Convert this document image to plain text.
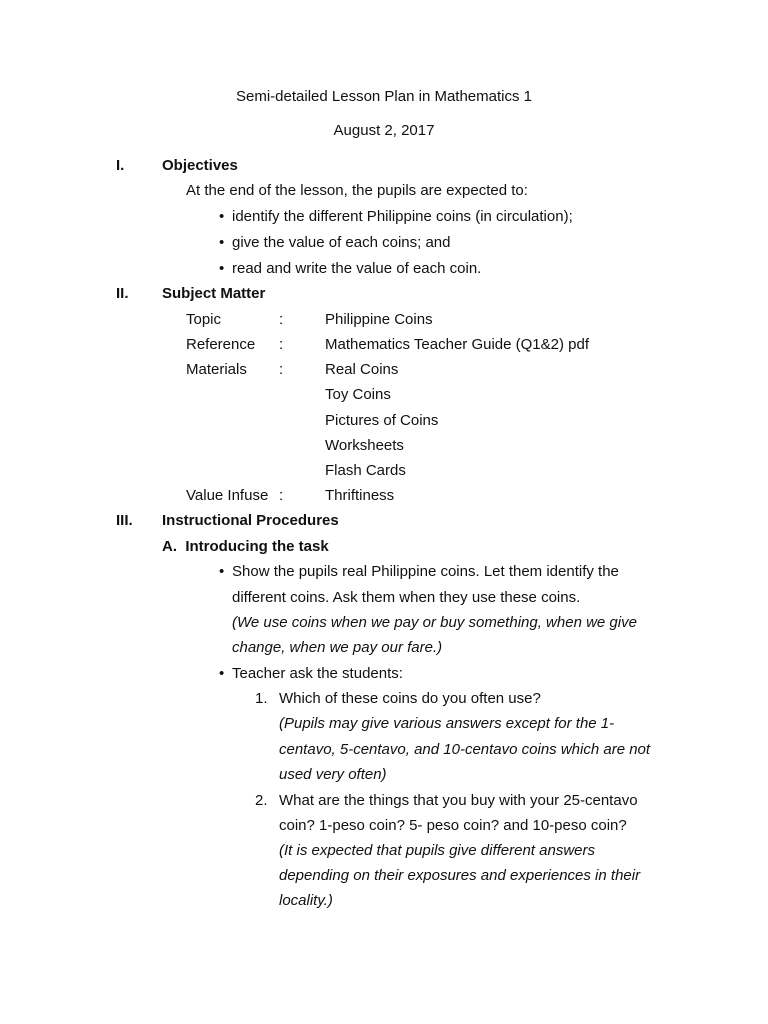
Semi-detailed Lesson Plan in Mathematics 1
August 2, 2017
I.	Objectives
At the end of the lesson, the pupils are expected to:
• identify the different Philippine coins (in circulation);
• give the value of each coins; and
• read and write the value of each coin.
II. Subject Matter
Topic	:	Philippine Coins
Reference :	Mathematics Teacher Guide (Q1&2) pdf
Materials :	Real Coins
Toy Coins
Pictures of Coins
Worksheets
Flash Cards
Value Infuse :	Thriftiness
III. Instructional Procedures
A.  Introducing the task
• Show the pupils real Philippine coins. Let them identify the
different coins. Ask them when they use these coins.
(We use coins when we pay or buy something, when we give
change, when we pay our fare.)
• Teacher ask the students:
1. Which of these coins do you often use?
(Pupils may give various answers except for the 1-
centavo, 5-centavo, and 10-centavo coins which are not
used very often)
2. What are the things that you buy with your 25-centavo
coin? 1-peso coin? 5- peso coin? and 10-peso coin?
(It is expected that pupils give different answers
depending on their exposures and experiences in their
locality.)
